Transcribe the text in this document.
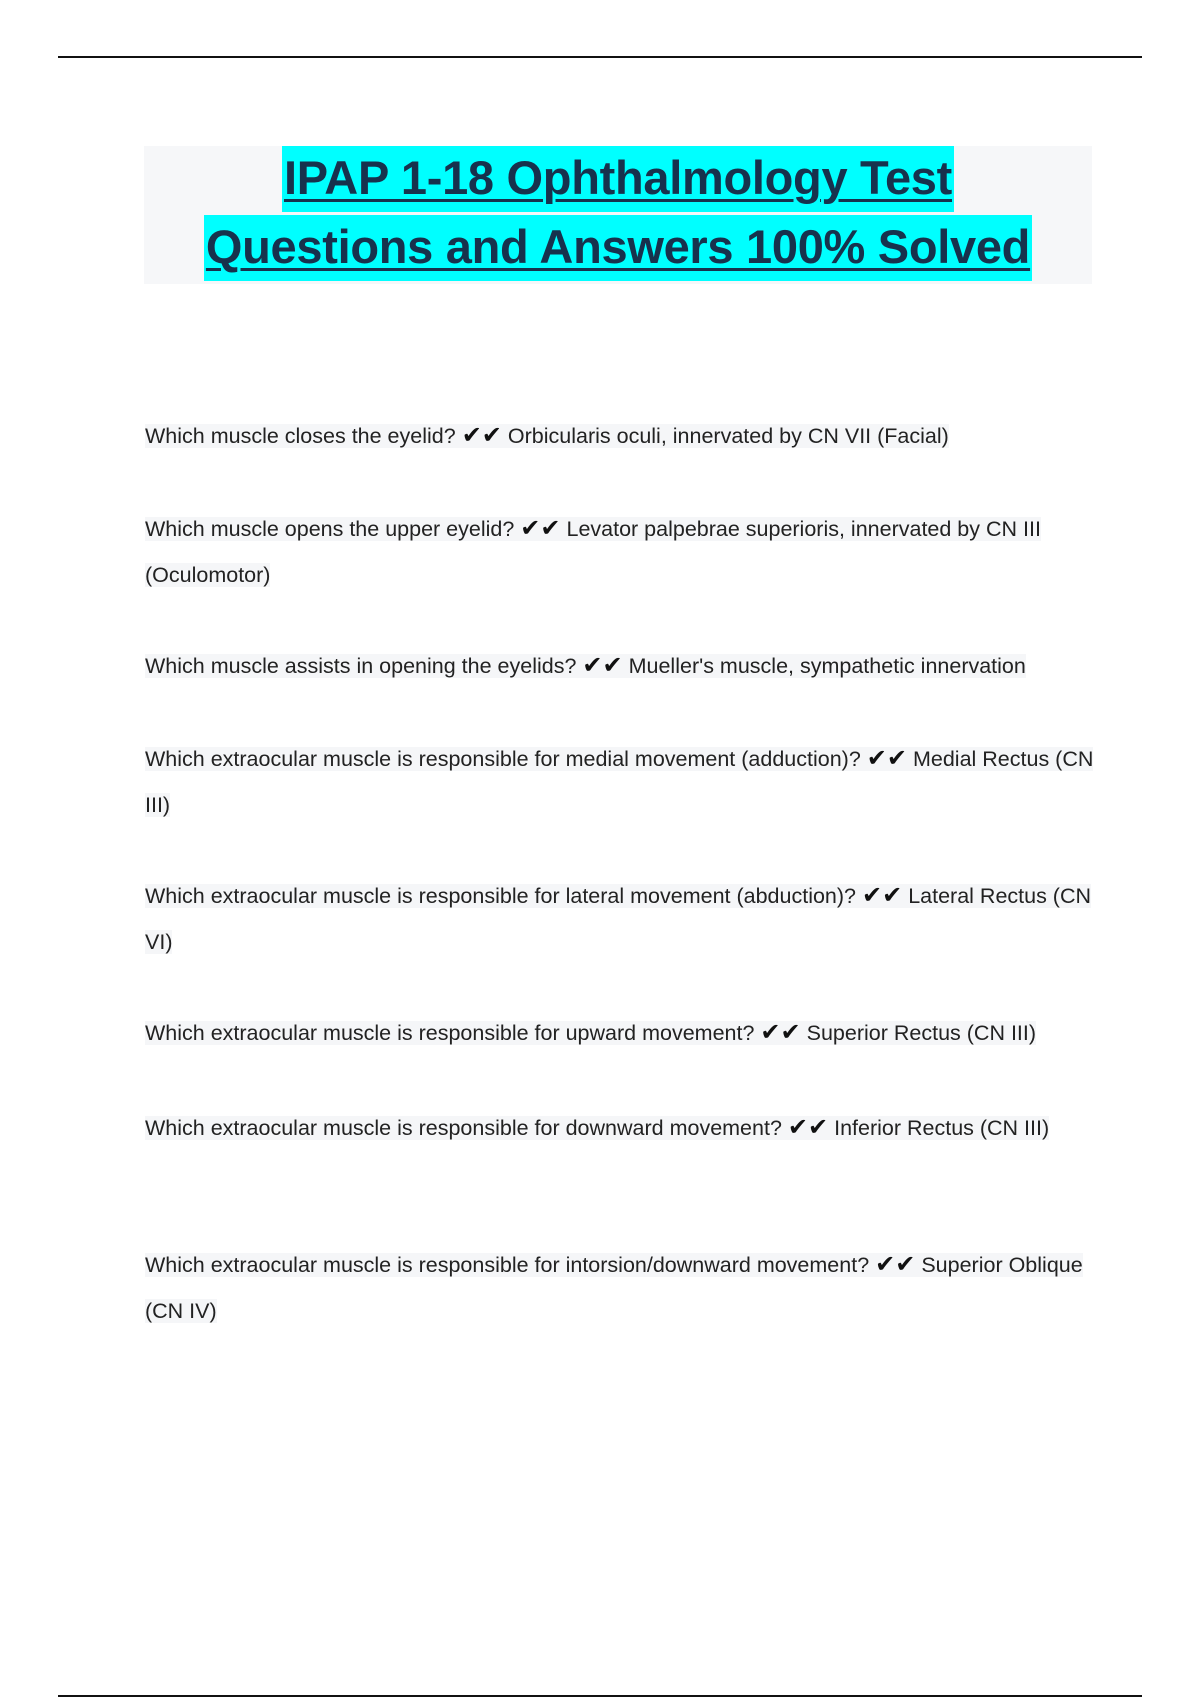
IPAP 1-18 Ophthalmology Test
Questions and Answers 100% Solved
Which muscle closes the eyelid? ✔✔ Orbicularis oculi, innervated by CN VII (Facial)
Which muscle opens the upper eyelid? ✔✔ Levator palpebrae superioris, innervated by CN III (Oculomotor)
Which muscle assists in opening the eyelids? ✔✔ Mueller's muscle, sympathetic innervation
Which extraocular muscle is responsible for medial movement (adduction)? ✔✔ Medial Rectus (CN III)
Which extraocular muscle is responsible for lateral movement (abduction)? ✔✔ Lateral Rectus (CN VI)
Which extraocular muscle is responsible for upward movement? ✔✔ Superior Rectus (CN III)
Which extraocular muscle is responsible for downward movement? ✔✔ Inferior Rectus (CN III)
Which extraocular muscle is responsible for intorsion/downward movement? ✔✔ Superior Oblique (CN IV)
